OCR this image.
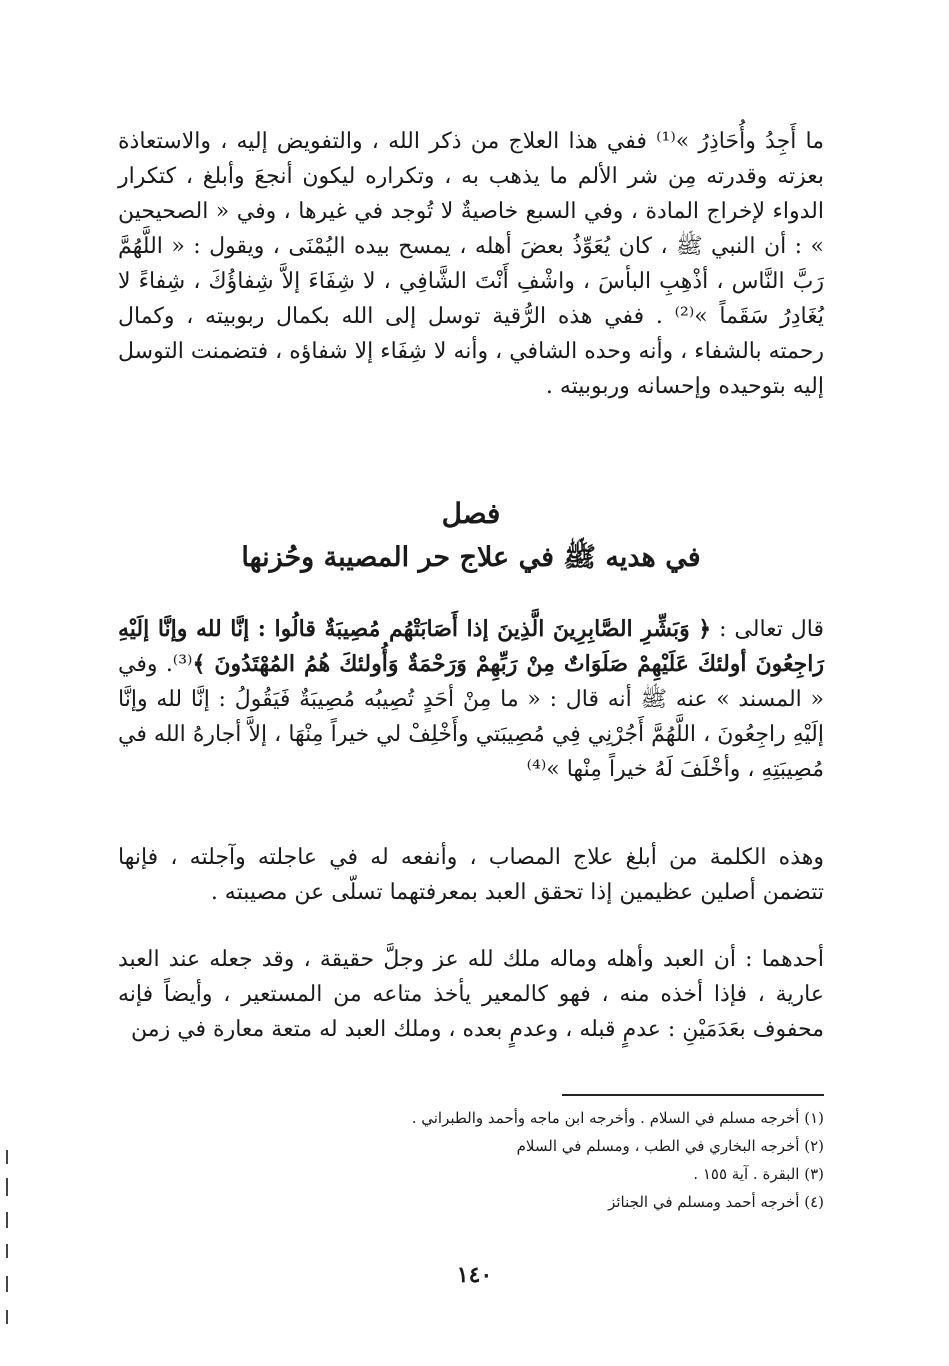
ما أَجِدُ وأُحَاذِرُ »⁽¹⁾ ففي هذا العلاج من ذكر الله ، والتفويض إليه ، والاستعاذة بعزته وقدرته مِن شر الألم ما يذهب به ، وتكراره ليكون أنجعَ وأبلغ ، كتكرار الدواء لإخراج المادة ، وفي السبع خاصيةٌ لا تُوجد في غيرها ، وفي « الصحيحين » : أن النبي ﷺ ، كان يُعَوِّذُ بعضَ أهله ، يمسح بيده اليُمْنَى ، ويقول : « اللَّهُمَّ رَبَّ النَّاس ، أذْهِبِ البأسَ ، واشْفِ أَنْتَ الشَّافِي ، لا شِفَاءَ إلاَّ شِفاؤُكَ ، شِفاءً لا يُغَادِرُ سَقَماً »⁽²⁾ . ففي هذه الرُّقية توسل إلى الله بكمال ربوبيته ، وكمال رحمته بالشفاء ، وأنه وحده الشافي ، وأنه لا شِفَاء إلا شفاؤه ، فتضمنت التوسل إليه بتوحيده وإحسانه وربوبيته .

فصل
في هديه ﷺ في علاج حر المصيبة وحُزنها

قال تعالى : ﴿ وَبَشِّرِ الصَّابِرِينَ الَّذِينَ إذا أَصَابَتْهُم مُصِيبَةٌ قالُوا : إنَّا لله وإنَّا إلَيْهِ رَاجِعُونَ أولئكَ عَلَيْهِمْ صَلَوَاتٌ مِنْ رَبِّهِمْ وَرَحْمَةٌ وَأُولئكَ هُمُ المُهْتَدُونَ ﴾⁽³⁾. وفي « المسند » عنه ﷺ أنه قال : « ما مِنْ أحَدٍ تُصِيبُه مُصِيبَةٌ فَيَقُولُ : إنَّا لله وإنَّا إلَيْهِ راجِعُونَ ، اللَّهُمَّ أَجُرْنِي فِي مُصِيبَتي وأَخْلِفْ لي خيراً مِنْهَا ، إلاَّ أجارهُ الله في مُصِيبَتِهِ ، وأخْلَفَ لَهُ خيراً مِنْها »⁽⁴⁾

وهذه الكلمة من أبلغ علاج المصاب ، وأنفعه له في عاجلته وآجلته ، فإنها تتضمن أصلين عظيمين إذا تحقق العبد بمعرفتهما تسلّى عن مصيبته .

أحدهما : أن العبد وأهله وماله ملك لله عز وجلَّ حقيقة ، وقد جعله عند العبد عارية ، فإذا أخذه منه ، فهو كالمعير يأخذ متاعه من المستعير ، وأيضاً فإنه محفوف بعَدَمَيْنِ : عدمٍ قبله ، وعدمٍ بعده ، وملك العبد له متعة معارة في زمن

(١) أخرجه مسلم في السلام . وأخرجه ابن ماجه وأحمد والطبراني .
(٢) أخرجه البخاري في الطب ، ومسلم في السلام
(٣) البقرة . آية ١٥٥ .
(٤) أخرجه أحمد ومسلم في الجنائز
١٤٠
